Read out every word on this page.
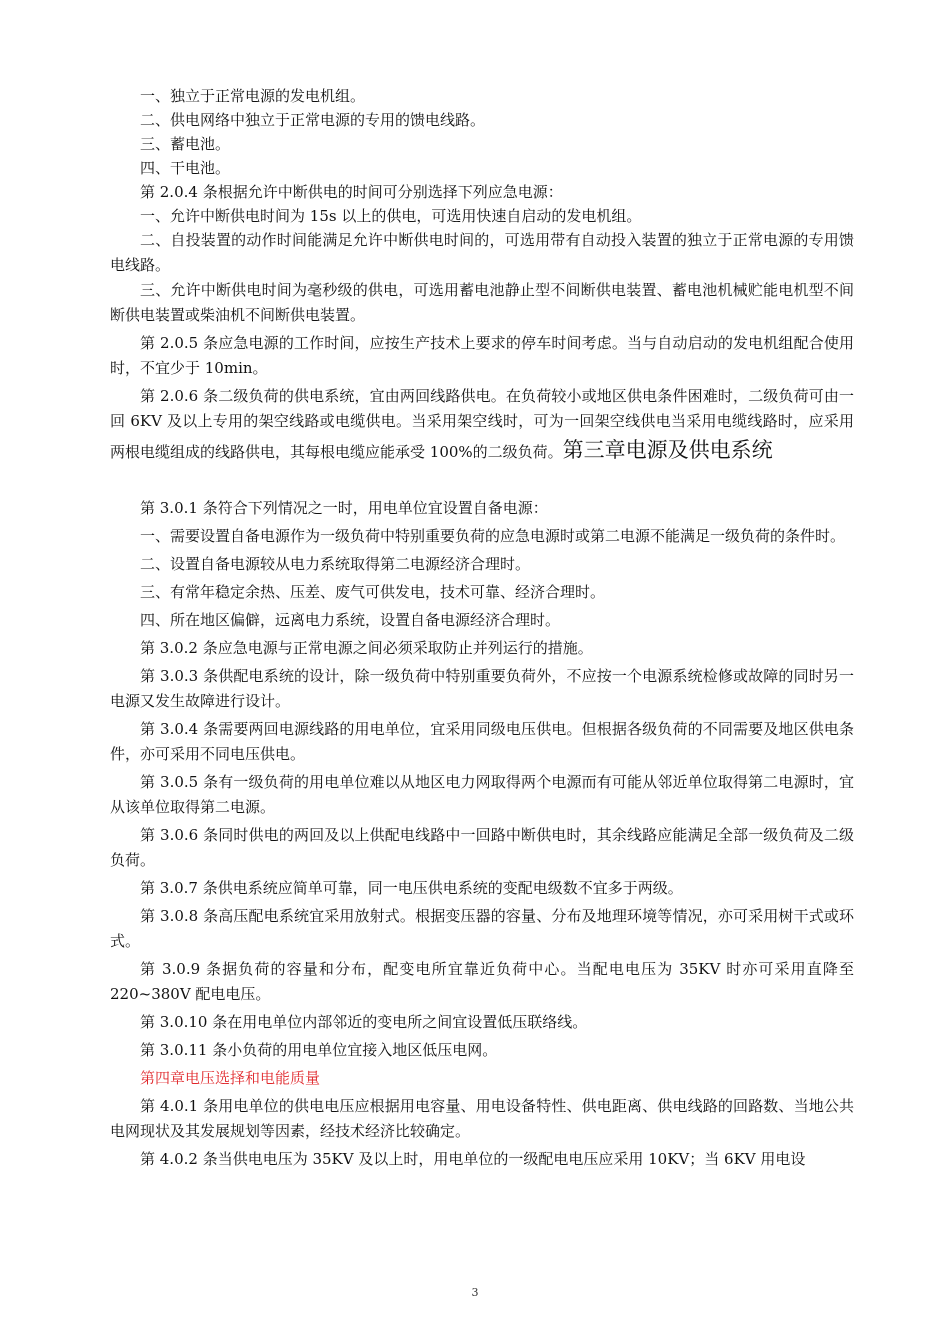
一、独立于正常电源的发电机组。

二、供电网络中独立于正常电源的专用的馈电线路。

三、蓄电池。

四、干电池。

第 2.0.4 条根据允许中断供电的时间可分别选择下列应急电源：

一、允许中断供电时间为 15s 以上的供电，可选用快速自启动的发电机组。

二、自投装置的动作时间能满足允许中断供电时间的，可选用带有自动投入装置的独立于正常电源的专用馈电线路。

三、允许中断供电时间为毫秒级的供电，可选用蓄电池静止型不间断供电装置、蓄电池机械贮能电机型不间断供电装置或柴油机不间断供电装置。

第 2.0.5 条应急电源的工作时间，应按生产技术上要求的停车时间考虑。当与自动启动的发电机组配合使用时，不宜少于 10min。

第 2.0.6 条二级负荷的供电系统，宜由两回线路供电。在负荷较小或地区供电条件困难时，二级负荷可由一回 6KV 及以上专用的架空线路或电缆供电。当采用架空线时，可为一回架空线供电当采用电缆线路时，应采用两根电缆组成的线路供电，其每根电缆应能承受 100%的二级负荷。第三章电源及供电系统

第 3.0.1 条符合下列情况之一时，用电单位宜设置自备电源：

一、需要设置自备电源作为一级负荷中特别重要负荷的应急电源时或第二电源不能满足一级负荷的条件时。

二、设置自备电源较从电力系统取得第二电源经济合理时。

三、有常年稳定余热、压差、废气可供发电，技术可靠、经济合理时。

四、所在地区偏僻，远离电力系统，设置自备电源经济合理时。

第 3.0.2 条应急电源与正常电源之间必须采取防止并列运行的措施。

第 3.0.3 条供配电系统的设计，除一级负荷中特别重要负荷外，不应按一个电源系统检修或故障的同时另一电源又发生故障进行设计。

第 3.0.4 条需要两回电源线路的用电单位，宜采用同级电压供电。但根据各级负荷的不同需要及地区供电条件，亦可采用不同电压供电。

第 3.0.5 条有一级负荷的用电单位难以从地区电力网取得两个电源而有可能从邻近单位取得第二电源时，宜从该单位取得第二电源。

第 3.0.6 条同时供电的两回及以上供配电线路中一回路中断供电时，其余线路应能满足全部一级负荷及二级负荷。

第 3.0.7 条供电系统应简单可靠，同一电压供电系统的变配电级数不宜多于两级。

第 3.0.8 条高压配电系统宜采用放射式。根据变压器的容量、分布及地理环境等情况，亦可采用树干式或环式。

第 3.0.9 条据负荷的容量和分布，配变电所宜靠近负荷中心。当配电电压为 35KV 时亦可采用直降至 220~380V 配电电压。

第 3.0.10 条在用电单位内部邻近的变电所之间宜设置低压联络线。

第 3.0.11 条小负荷的用电单位宜接入地区低压电网。

第四章电压选择和电能质量

第 4.0.1 条用电单位的供电电压应根据用电容量、用电设备特性、供电距离、供电线路的回路数、当地公共电网现状及其发展规划等因素，经技术经济比较确定。

第 4.0.2 条当供电电压为 35KV 及以上时，用电单位的一级配电电压应采用 10KV；当 6KV 用电设

3
